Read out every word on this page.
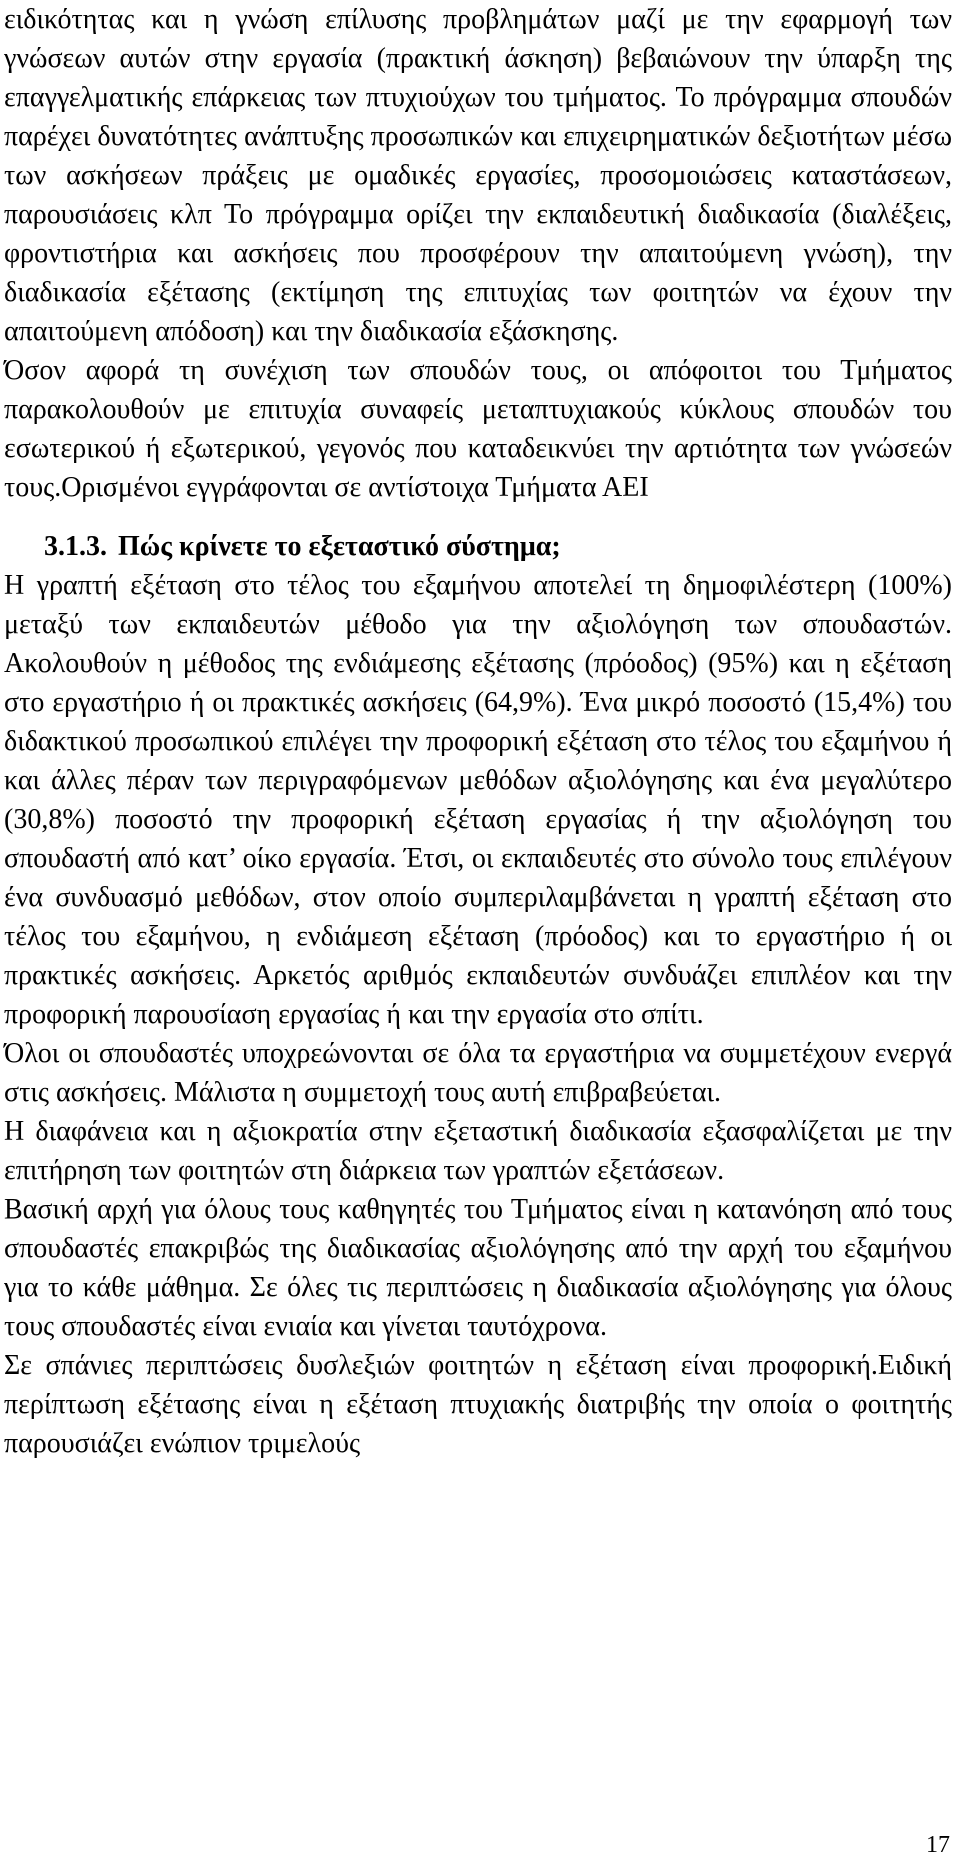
ειδικότητας και η γνώση επίλυσης προβλημάτων μαζί με την εφαρμογή των γνώσεων αυτών στην εργασία (πρακτική άσκηση) βεβαιώνουν την ύπαρξη της επαγγελματικής επάρκειας των πτυχιούχων του τμήματος. Το πρόγραμμα σπουδών παρέχει δυνατότητες ανάπτυξης προσωπικών και επιχειρηματικών δεξιοτήτων μέσω των ασκήσεων πράξεις με ομαδικές εργασίες, προσομοιώσεις καταστάσεων, παρουσιάσεις κλπ Το πρόγραμμα ορίζει την εκπαιδευτική διαδικασία (διαλέξεις, φροντιστήρια και ασκήσεις που προσφέρουν την απαιτούμενη γνώση), την διαδικασία εξέτασης (εκτίμηση της επιτυχίας των φοιτητών να έχουν την απαιτούμενη απόδοση) και την διαδικασία εξάσκησης.

Όσον αφορά τη συνέχιση των σπουδών τους, οι απόφοιτοι του Τμήματος παρακολουθούν με επιτυχία συναφείς μεταπτυχιακούς κύκλους σπουδών του εσωτερικού ή εξωτερικού, γεγονός που καταδεικνύει την αρτιότητα των γνώσεών τους.Ορισμένοι εγγράφονται σε αντίστοιχα Τμήματα ΑΕΙ

3.1.3. Πώς κρίνετε το εξεταστικό σύστημα;

Η γραπτή εξέταση στο τέλος του εξαμήνου αποτελεί τη δημοφιλέστερη (100%) μεταξύ των εκπαιδευτών μέθοδο για την αξιολόγηση των σπουδαστών. Ακολουθούν η μέθοδος της ενδιάμεσης εξέτασης (πρόοδος) (95%) και η εξέταση στο εργαστήριο ή οι πρακτικές ασκήσεις (64,9%). Ένα μικρό ποσοστό (15,4%) του διδακτικού προσωπικού επιλέγει την προφορική εξέταση στο τέλος του εξαμήνου ή και άλλες πέραν των περιγραφόμενων μεθόδων αξιολόγησης και ένα μεγαλύτερο (30,8%) ποσοστό την προφορική εξέταση εργασίας ή την αξιολόγηση του σπουδαστή από κατ’ οίκο εργασία. Έτσι, οι εκπαιδευτές στο σύνολο τους επιλέγουν ένα συνδυασμό μεθόδων, στον οποίο συμπεριλαμβάνεται η γραπτή εξέταση στο τέλος του εξαμήνου, η ενδιάμεση εξέταση (πρόοδος) και το εργαστήριο ή οι πρακτικές ασκήσεις. Αρκετός αριθμός εκπαιδευτών συνδυάζει επιπλέον και την προφορική παρουσίαση εργασίας ή και την εργασία στο σπίτι.

Όλοι οι σπουδαστές υποχρεώνονται σε όλα τα εργαστήρια να συμμετέχουν ενεργά στις ασκήσεις. Μάλιστα η συμμετοχή τους αυτή επιβραβεύεται.

Η διαφάνεια και η αξιοκρατία στην εξεταστική διαδικασία εξασφαλίζεται με την επιτήρηση των φοιτητών στη διάρκεια των γραπτών εξετάσεων.

Βασική αρχή για όλους τους καθηγητές του Τμήματος είναι η κατανόηση από τους σπουδαστές επακριβώς της διαδικασίας αξιολόγησης από την αρχή του εξαμήνου για το κάθε μάθημα. Σε όλες τις περιπτώσεις η διαδικασία αξιολόγησης για όλους τους σπουδαστές είναι ενιαία και γίνεται ταυτόχρονα.

Σε σπάνιες περιπτώσεις δυσλεξιών φοιτητών η εξέταση είναι προφορική.Ειδική περίπτωση εξέτασης είναι η εξέταση πτυχιακής διατριβής την οποία ο φοιτητής παρουσιάζει ενώπιον τριμελούς

17
